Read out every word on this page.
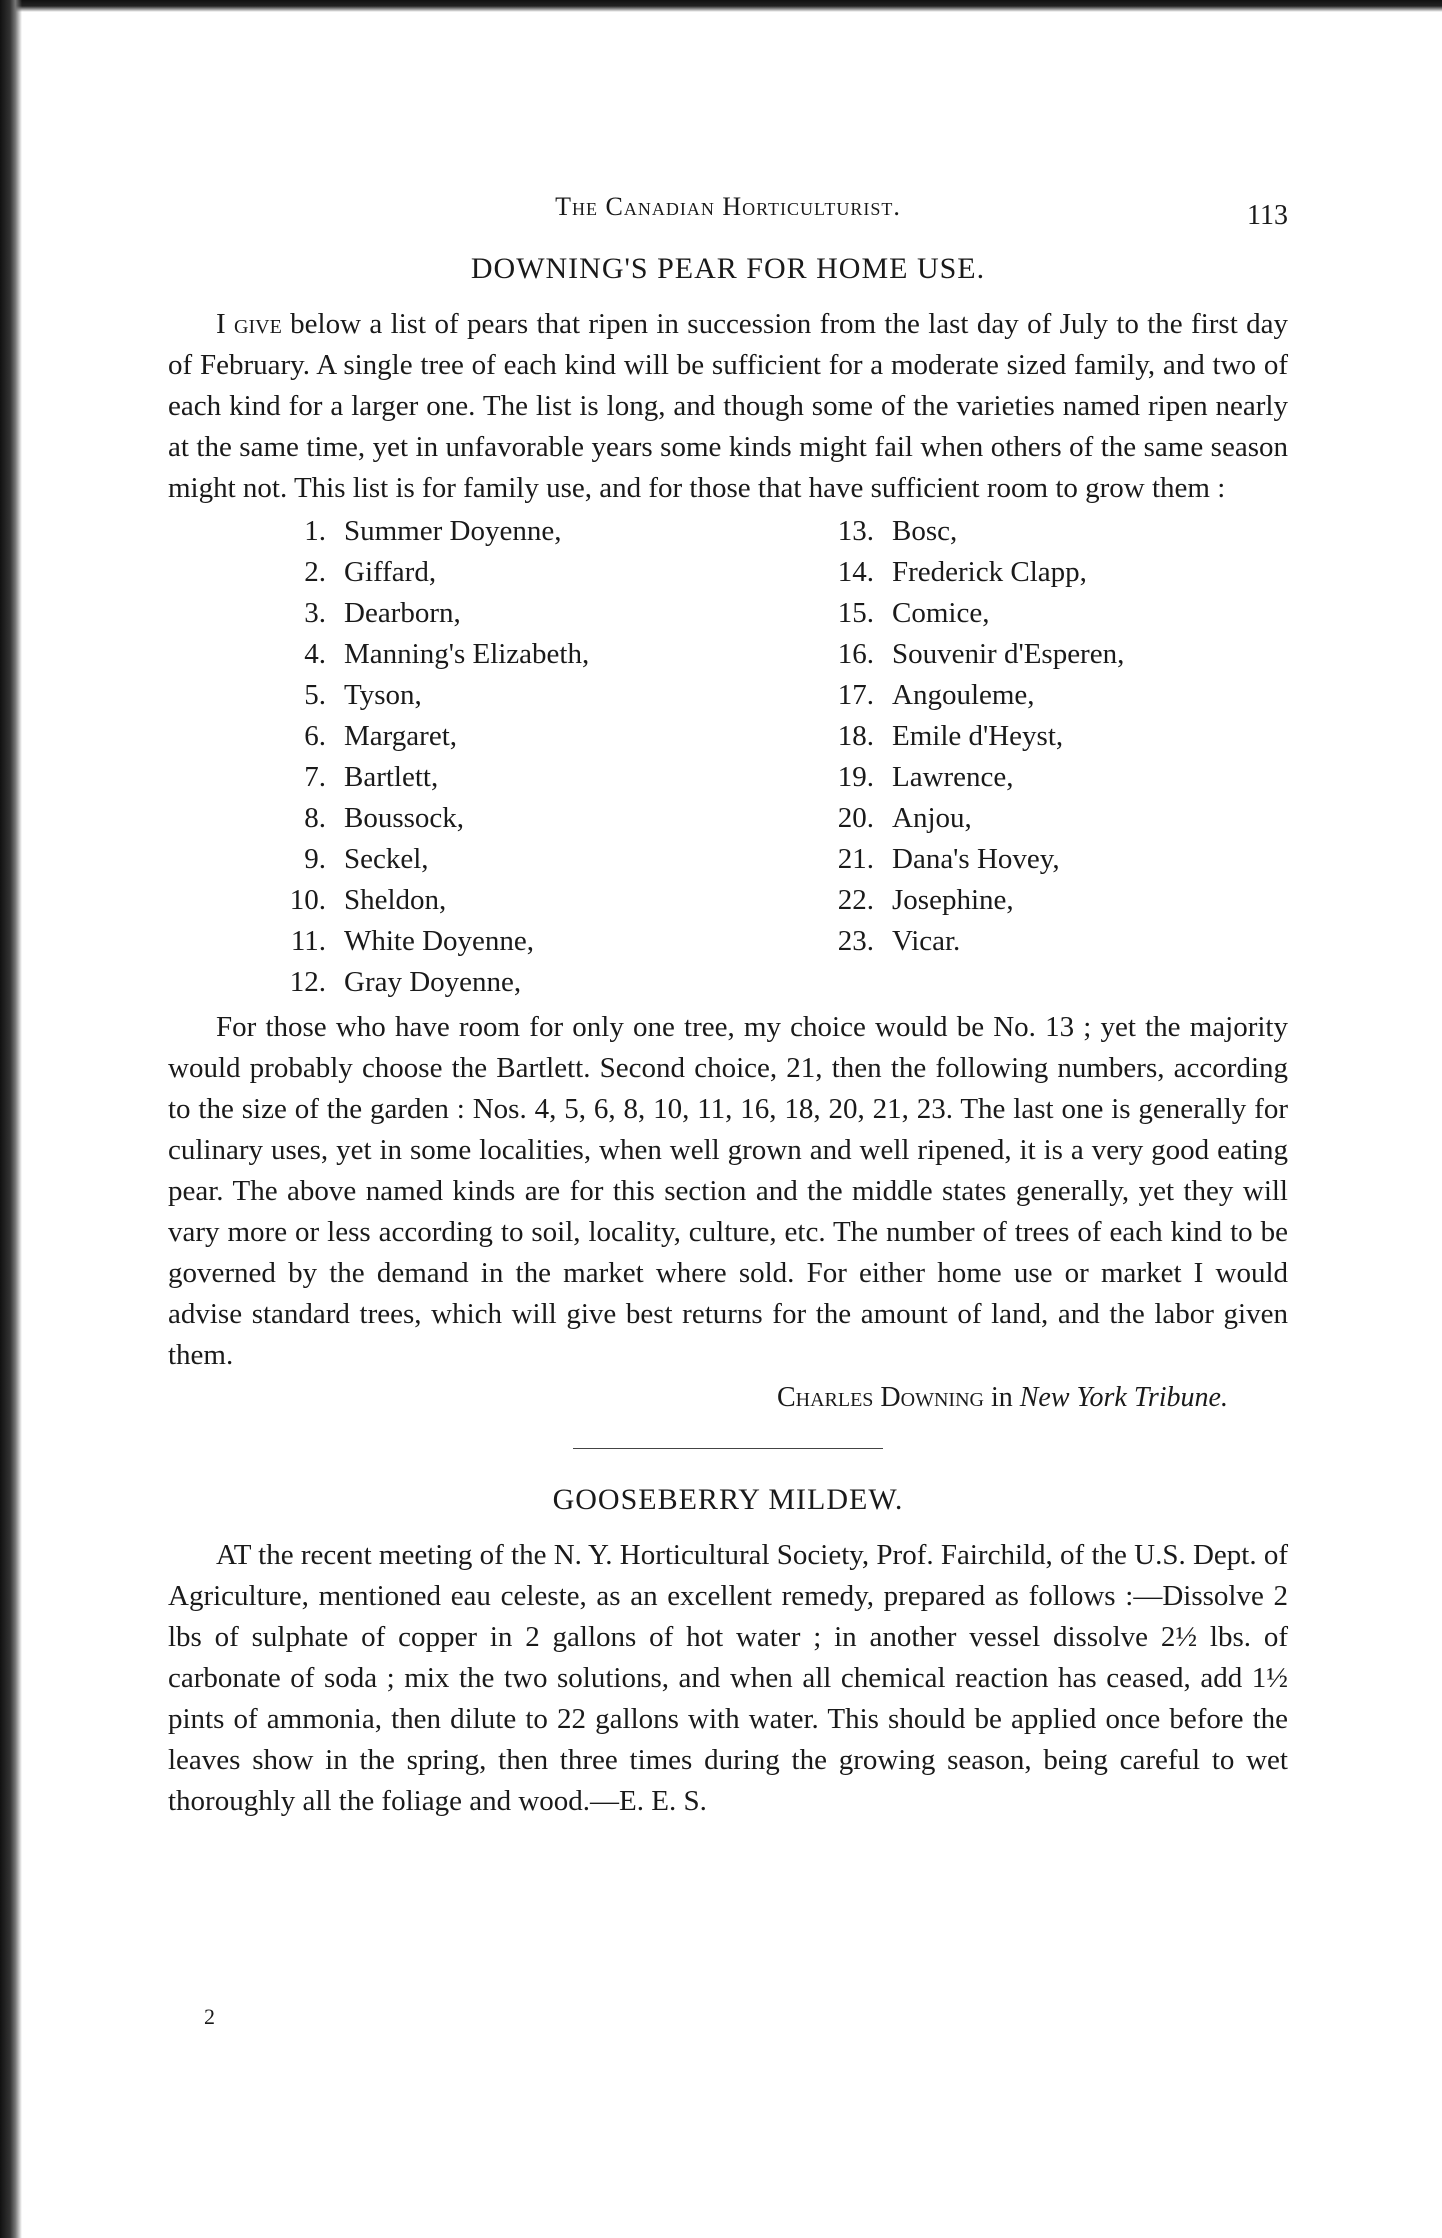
The Canadian Horticulturist.	113
DOWNING'S PEAR FOR HOME USE.

I give below a list of pears that ripen in succession from the last day of July to the first day of February. A single tree of each kind will be sufficient for a moderate sized family, and two of each kind for a larger one. The list is long, and though some of the varieties named ripen nearly at the same time, yet in unfavorable years some kinds might fail when others of the same season might not. This list is for family use, and for those that have sufficient room to grow them :

1. Summer Doyenne,
2. Giffard,
3. Dearborn,
4. Manning's Elizabeth,
5. Tyson,
6. Margaret,
7. Bartlett,
8. Boussock,
9. Seckel,
10. Sheldon,
11. White Doyenne,
12. Gray Doyenne,
13. Bosc,
14. Frederick Clapp,
15. Comice,
16. Souvenir d'Esperen,
17. Angouleme,
18. Emile d'Heyst,
19. Lawrence,
20. Anjou,
21. Dana's Hovey,
22. Josephine,
23. Vicar.

For those who have room for only one tree, my choice would be No. 13 ; yet the majority would probably choose the Bartlett. Second choice, 21, then the following numbers, according to the size of the garden : Nos. 4, 5, 6, 8, 10, 11, 16, 18, 20, 21, 23. The last one is generally for culinary uses, yet in some localities, when well grown and well ripened, it is a very good eating pear. The above named kinds are for this section and the middle states generally, yet they will vary more or less according to soil, locality, culture, etc. The number of trees of each kind to be governed by the demand in the market where sold. For either home use or market I would advise standard trees, which will give best returns for the amount of land, and the labor given them.

Charles Downing in New York Tribune.
GOOSEBERRY MILDEW.

AT the recent meeting of the N. Y. Horticultural Society, Prof. Fairchild, of the U.S. Dept. of Agriculture, mentioned eau celeste, as an excellent remedy, prepared as follows :—Dissolve 2 lbs of sulphate of copper in 2 gallons of hot water ; in another vessel dissolve 2½ lbs. of carbonate of soda ; mix the two solutions, and when all chemical reaction has ceased, add 1½ pints of ammonia, then dilute to 22 gallons with water. This should be applied once before the leaves show in the spring, then three times during the growing season, being careful to wet thoroughly all the foliage and wood.—E. E. S.

2
